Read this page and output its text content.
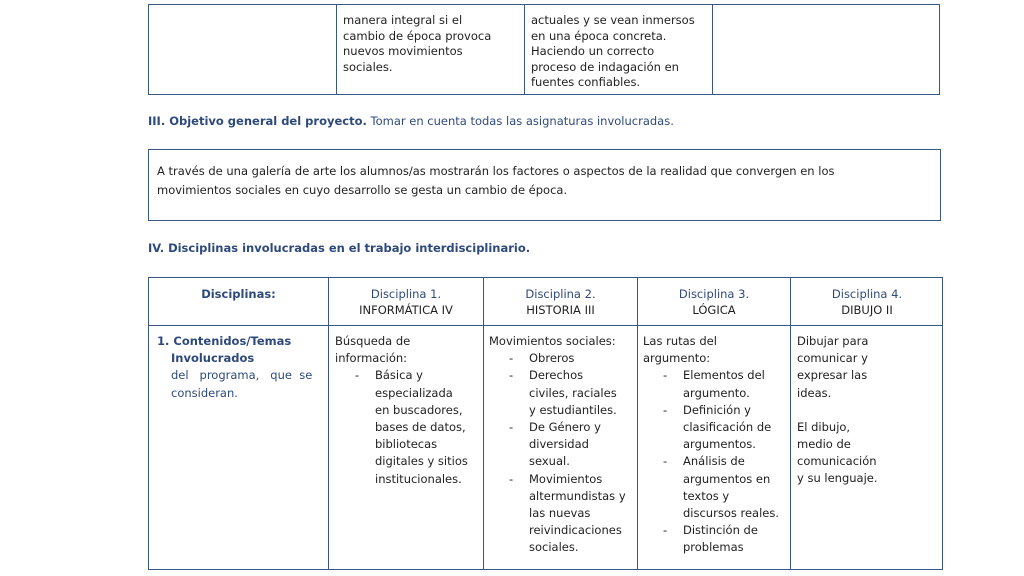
manera integral si el
cambio de época provoca
nuevos movimientos
sociales.
actuales y se vean inmersos
en una época concreta.
Haciendo un correcto
proceso de indagación en
fuentes confiables.
III. Objetivo general del proyecto. Tomar en cuenta todas las asignaturas involucradas.
A través de una galería de arte los alumnos/as mostrarán los factores o aspectos de la realidad que convergen en los
movimientos sociales en cuyo desarrollo se gesta un cambio de época.
IV. Disciplinas involucradas en el trabajo interdisciplinario.
Disciplinas:	Disciplina 1.
INFORMÁTICA IV
Disciplina 2.
HISTORIA III
Disciplina 3.
LÓGICA
Disciplina 4.
DIBUJO II
1. Contenidos/Temas
Involucrados
del   programa,   que  se
consideran.
Búsqueda de
información:
- Básica y
especializada
en buscadores,
bases de datos,
bibliotecas
digitales y sitios
institucionales.
Movimientos sociales:
- Obreros
- Derechos
civiles, raciales
y estudiantiles.
- De Género y
diversidad
sexual.
- Movimientos
altermundistas y
las nuevas
reivindicaciones
sociales.
Las rutas del
argumento:
- Elementos del
argumento.
- Definición y
clasificación de
argumentos.
- Análisis de
argumentos en
textos y
discursos reales.
- Distinción de
problemas
Dibujar para
comunicar y
expresar las
ideas.
El dibujo,
medio de
comunicación
y su lenguaje.
